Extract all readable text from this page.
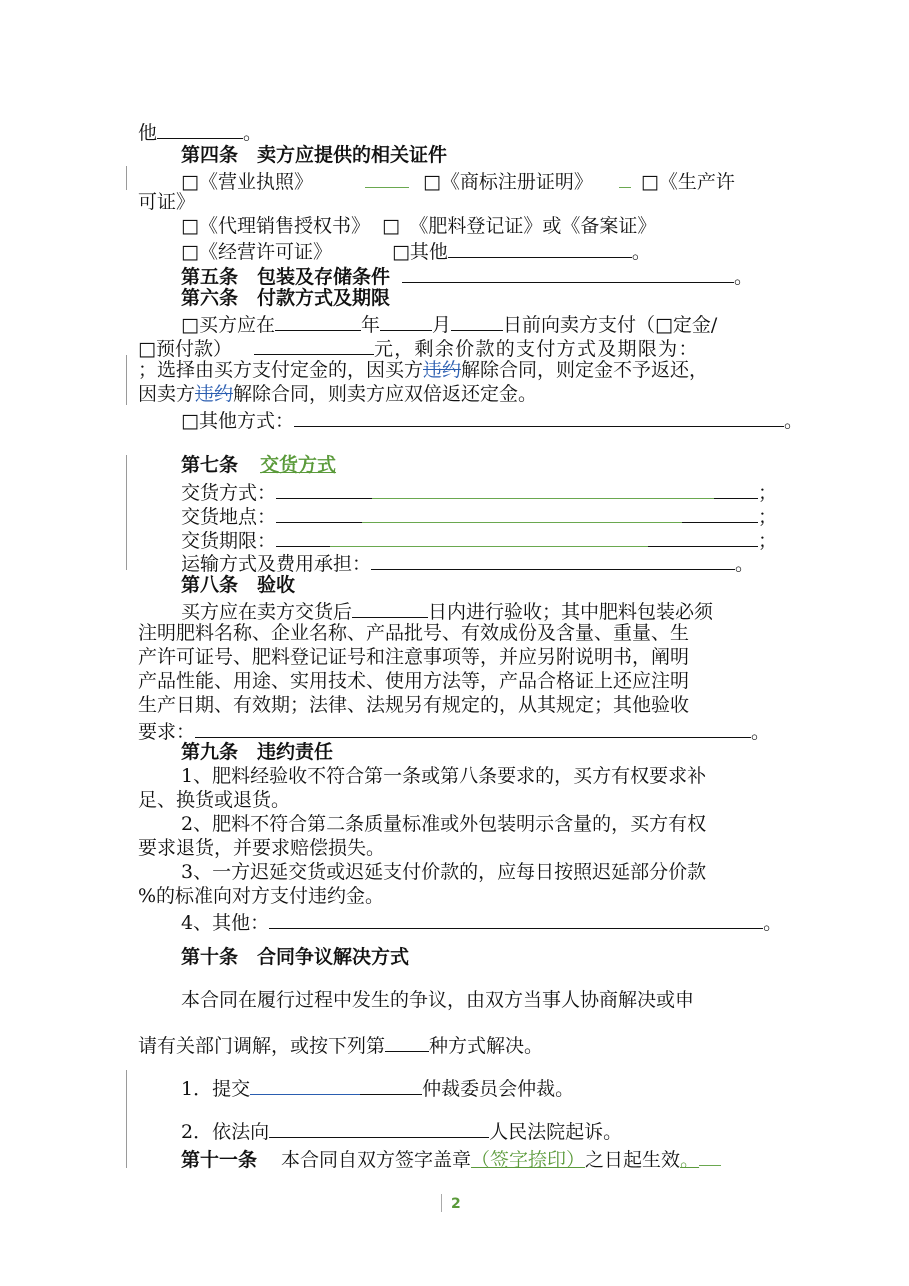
他	。
第四条　卖方应提供的相关证件
□《营业执照》	□《商标注册证明》	□《生产许
可证》
□《代理销售授权书》 □　《肥料登记证》或《备案证》
□《经营许可证》	□其他	。
第五条　包装及存储条件	。
第六条　付款方式及期限
□买方应在	年	月	日前向卖方支付（□定金/
□预付款）	元，剩余价款的支付方式及期限为：
；选择由买方支付定金的，因买方违约解除合同，则定金不予返还，
因卖方违约解除合同，则卖方应双倍返还定金。
□其他方式：	。
第七条 交货方式
交货方式：	；
交货地点：	；
交货期限：	；
运输方式及费用承担：	。
第八条　验收
买方应在卖方交货后	日内进行验收；其中肥料包装必须
注明肥料名称、企业名称、产品批号、有效成份及含量、重量、生
产许可证号、肥料登记证号和注意事项等，并应另附说明书，阐明
产品性能、用途、实用技术、使用方法等，产品合格证上还应注明
生产日期、有效期；法律、法规另有规定的，从其规定；其他验收
要求：	。
第九条　违约责任
1、肥料经验收不符合第一条或第八条要求的，买方有权要求补
足、换货或退货。
2、肥料不符合第二条质量标准或外包装明示含量的，买方有权
要求退货，并要求赔偿损失。
3、一方迟延交货或迟延支付价款的，应每日按照迟延部分价款
%的标准向对方支付违约金。
4、其他：	。
第十条　合同争议解决方式
本合同在履行过程中发生的争议，由双方当事人协商解决或申
请有关部门调解，或按下列第 种方式解决。
1．提交	仲裁委员会仲裁。
2．依法向	人民法院起诉。
第十一条 本合同自双方签字盖章（签字捺印）之日起生效。
2
